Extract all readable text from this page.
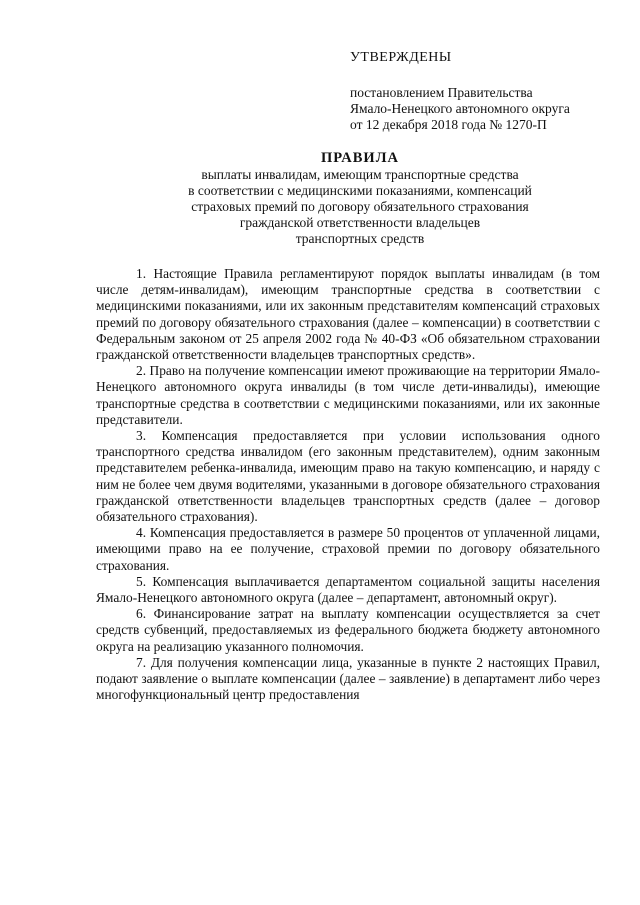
УТВЕРЖДЕНЫ
постановлением Правительства
Ямало-Ненецкого автономного округа
от 12 декабря 2018 года № 1270-П
ПРАВИЛА
выплаты инвалидам, имеющим транспортные средства
в соответствии с медицинскими показаниями, компенсаций
страховых премий по договору обязательного страхования
гражданской ответственности владельцев
транспортных средств

1. Настоящие Правила регламентируют порядок выплаты инвалидам (в том числе детям-инвалидам), имеющим транспортные средства в соответствии с медицинскими показаниями, или их законным представителям компенсаций страховых премий по договору обязательного страхования (далее – компенсации) в соответствии с Федеральным законом от 25 апреля 2002 года № 40-ФЗ «Об обязательном страховании гражданской ответственности владельцев транспортных средств».

2. Право на получение компенсации имеют проживающие на территории Ямало-Ненецкого автономного округа инвалиды (в том числе дети-инвалиды), имеющие транспортные средства в соответствии с медицинскими показаниями, или их законные представители.

3. Компенсация предоставляется при условии использования одного транспортного средства инвалидом (его законным представителем), одним законным представителем ребенка-инвалида, имеющим право на такую компенсацию, и наряду с ним не более чем двумя водителями, указанными в договоре обязательного страхования гражданской ответственности владельцев транспортных средств (далее – договор обязательного страхования).

4. Компенсация предоставляется в размере 50 процентов от уплаченной лицами, имеющими право на ее получение, страховой премии по договору обязательного страхования.

5. Компенсация выплачивается департаментом социальной защиты населения Ямало-Ненецкого автономного округа (далее – департамент, автономный округ).

6. Финансирование затрат на выплату компенсации осуществляется за счет средств субвенций, предоставляемых из федерального бюджета бюджету автономного округа на реализацию указанного полномочия.

7. Для получения компенсации лица, указанные в пункте 2 настоящих Правил, подают заявление о выплате компенсации (далее – заявление) в департамент либо через многофункциональный центр предоставления
